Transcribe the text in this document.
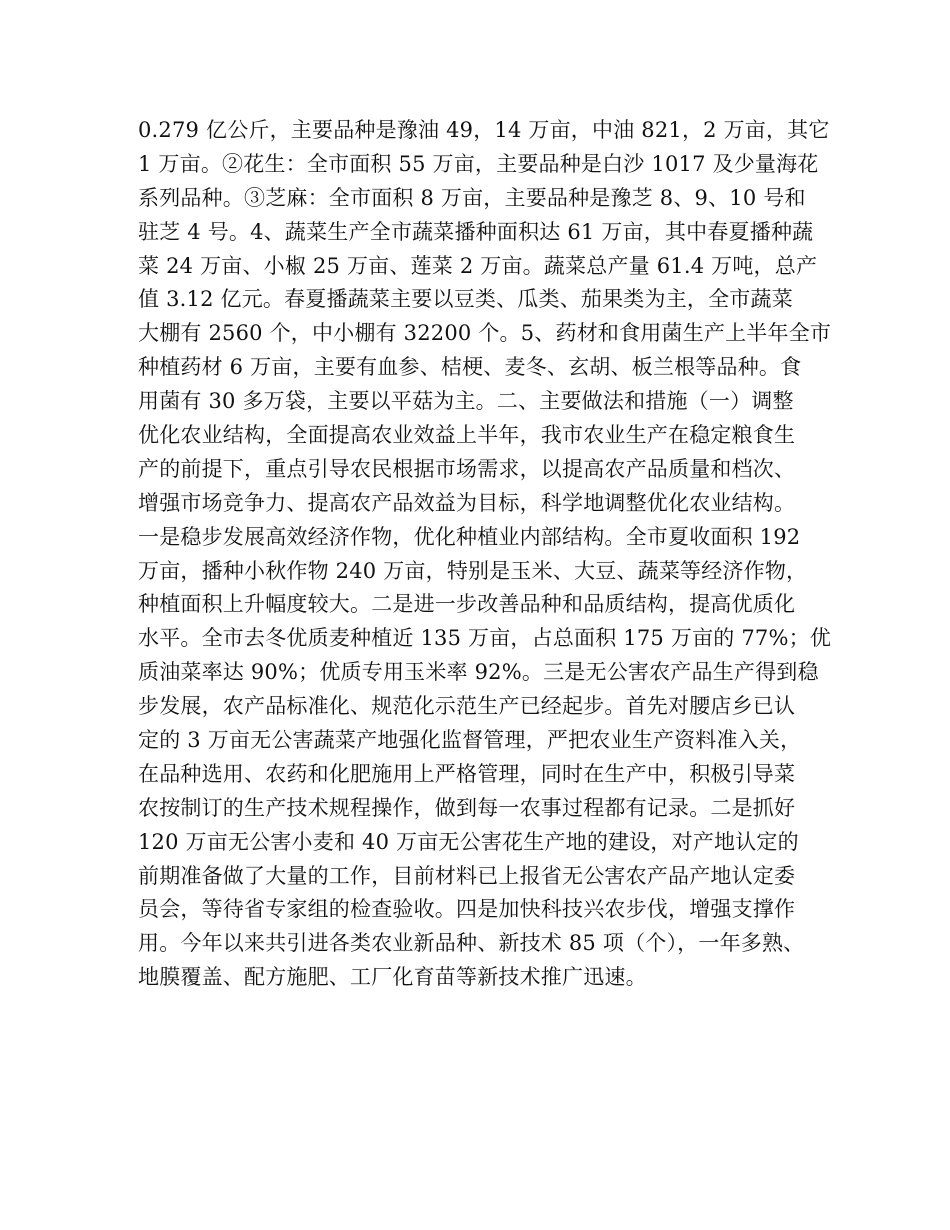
0.279 亿公斤，主要品种是豫油 49，14 万亩，中油 821，2 万亩，其它
1 万亩。②花生：全市面积 55 万亩，主要品种是白沙 1017 及少量海花
系列品种。③芝麻：全市面积 8 万亩，主要品种是豫芝 8、9、10 号和
驻芝 4 号。4、蔬菜生产全市蔬菜播种面积达 61 万亩，其中春夏播种蔬
菜 24 万亩、小椒 25 万亩、莲菜 2 万亩。蔬菜总产量 61.4 万吨，总产
值 3.12 亿元。春夏播蔬菜主要以豆类、瓜类、茄果类为主，全市蔬菜
大棚有 2560 个，中小棚有 32200 个。5、药材和食用菌生产上半年全市
种植药材 6 万亩，主要有血参、桔梗、麦冬、玄胡、板兰根等品种。食
用菌有 30 多万袋，主要以平菇为主。二、主要做法和措施（一）调整
优化农业结构，全面提高农业效益上半年，我市农业生产在稳定粮食生
产的前提下，重点引导农民根据市场需求，以提高农产品质量和档次、
增强市场竞争力、提高农产品效益为目标，科学地调整优化农业结构。
一是稳步发展高效经济作物，优化种植业内部结构。全市夏收面积 192
万亩，播种小秋作物 240 万亩，特别是玉米、大豆、蔬菜等经济作物，
种植面积上升幅度较大。二是进一步改善品种和品质结构，提高优质化
水平。全市去冬优质麦种植近 135 万亩，占总面积 175 万亩的 77%；优
质油菜率达 90%；优质专用玉米率 92%。三是无公害农产品生产得到稳
步发展，农产品标准化、规范化示范生产已经起步。首先对腰店乡已认
定的 3 万亩无公害蔬菜产地强化监督管理，严把农业生产资料准入关，
在品种选用、农药和化肥施用上严格管理，同时在生产中，积极引导菜
农按制订的生产技术规程操作，做到每一农事过程都有记录。二是抓好
120 万亩无公害小麦和 40 万亩无公害花生产地的建设，对产地认定的
前期准备做了大量的工作，目前材料已上报省无公害农产品产地认定委
员会，等待省专家组的检查验收。四是加快科技兴农步伐，增强支撑作
用。今年以来共引进各类农业新品种、新技术 85 项（个），一年多熟、
地膜覆盖、配方施肥、工厂化育苗等新技术推广迅速。
